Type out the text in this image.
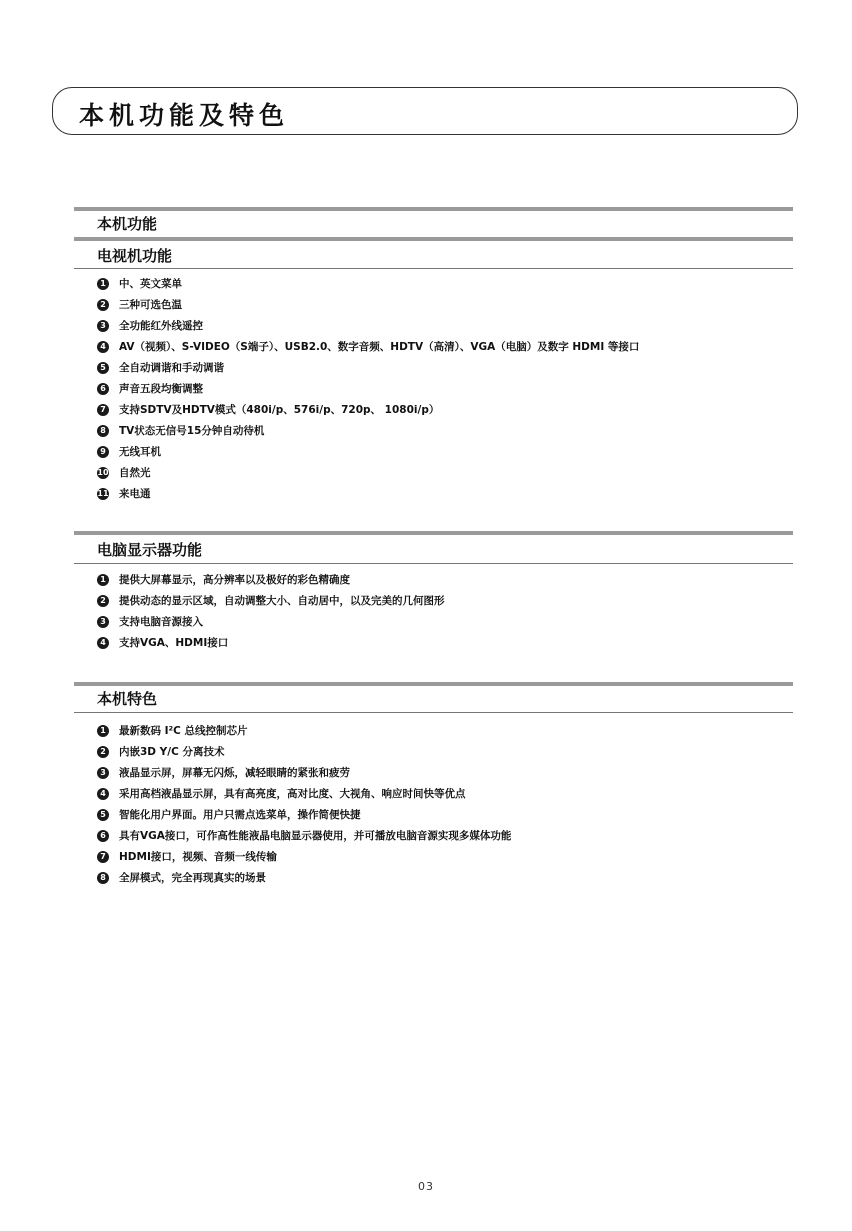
本机功能及特色
本机功能
电视机功能
1	中、英文菜单
2	三种可选色温
3	全功能红外线遥控
4	AV（视频）、S-VIDEO（S端子）、USB2.0、数字音频、HDTV（高清）、VGA（电脑）及数字 HDMI 等接口
5	全自动调谐和手动调谐
6	声音五段均衡调整
7	支持SDTV及HDTV模式（480i/p、576i/p、720p、 1080i/p）
8	TV状态无信号15分钟自动待机
9	无线耳机
10 自然光
11 来电通
电脑显示器功能
1	提供大屏幕显示，高分辨率以及极好的彩色精确度
2	提供动态的显示区域，自动调整大小、自动居中，以及完美的几何图形
3	支持电脑音源接入
4	支持VGA、HDMI接口
本机特色
1	最新数码 I²C 总线控制芯片
2	内嵌3D Y/C 分离技术
3	液晶显示屏，屏幕无闪烁，减轻眼睛的紧张和疲劳
4	采用高档液晶显示屏，具有高亮度，高对比度、大视角、响应时间快等优点
5	智能化用户界面。用户只需点选菜单，操作简便快捷
6	具有VGA接口，可作高性能液晶电脑显示器使用，并可播放电脑音源实现多媒体功能
7	HDMI接口，视频、音频一线传输
8	全屏模式，完全再现真实的场景
03
